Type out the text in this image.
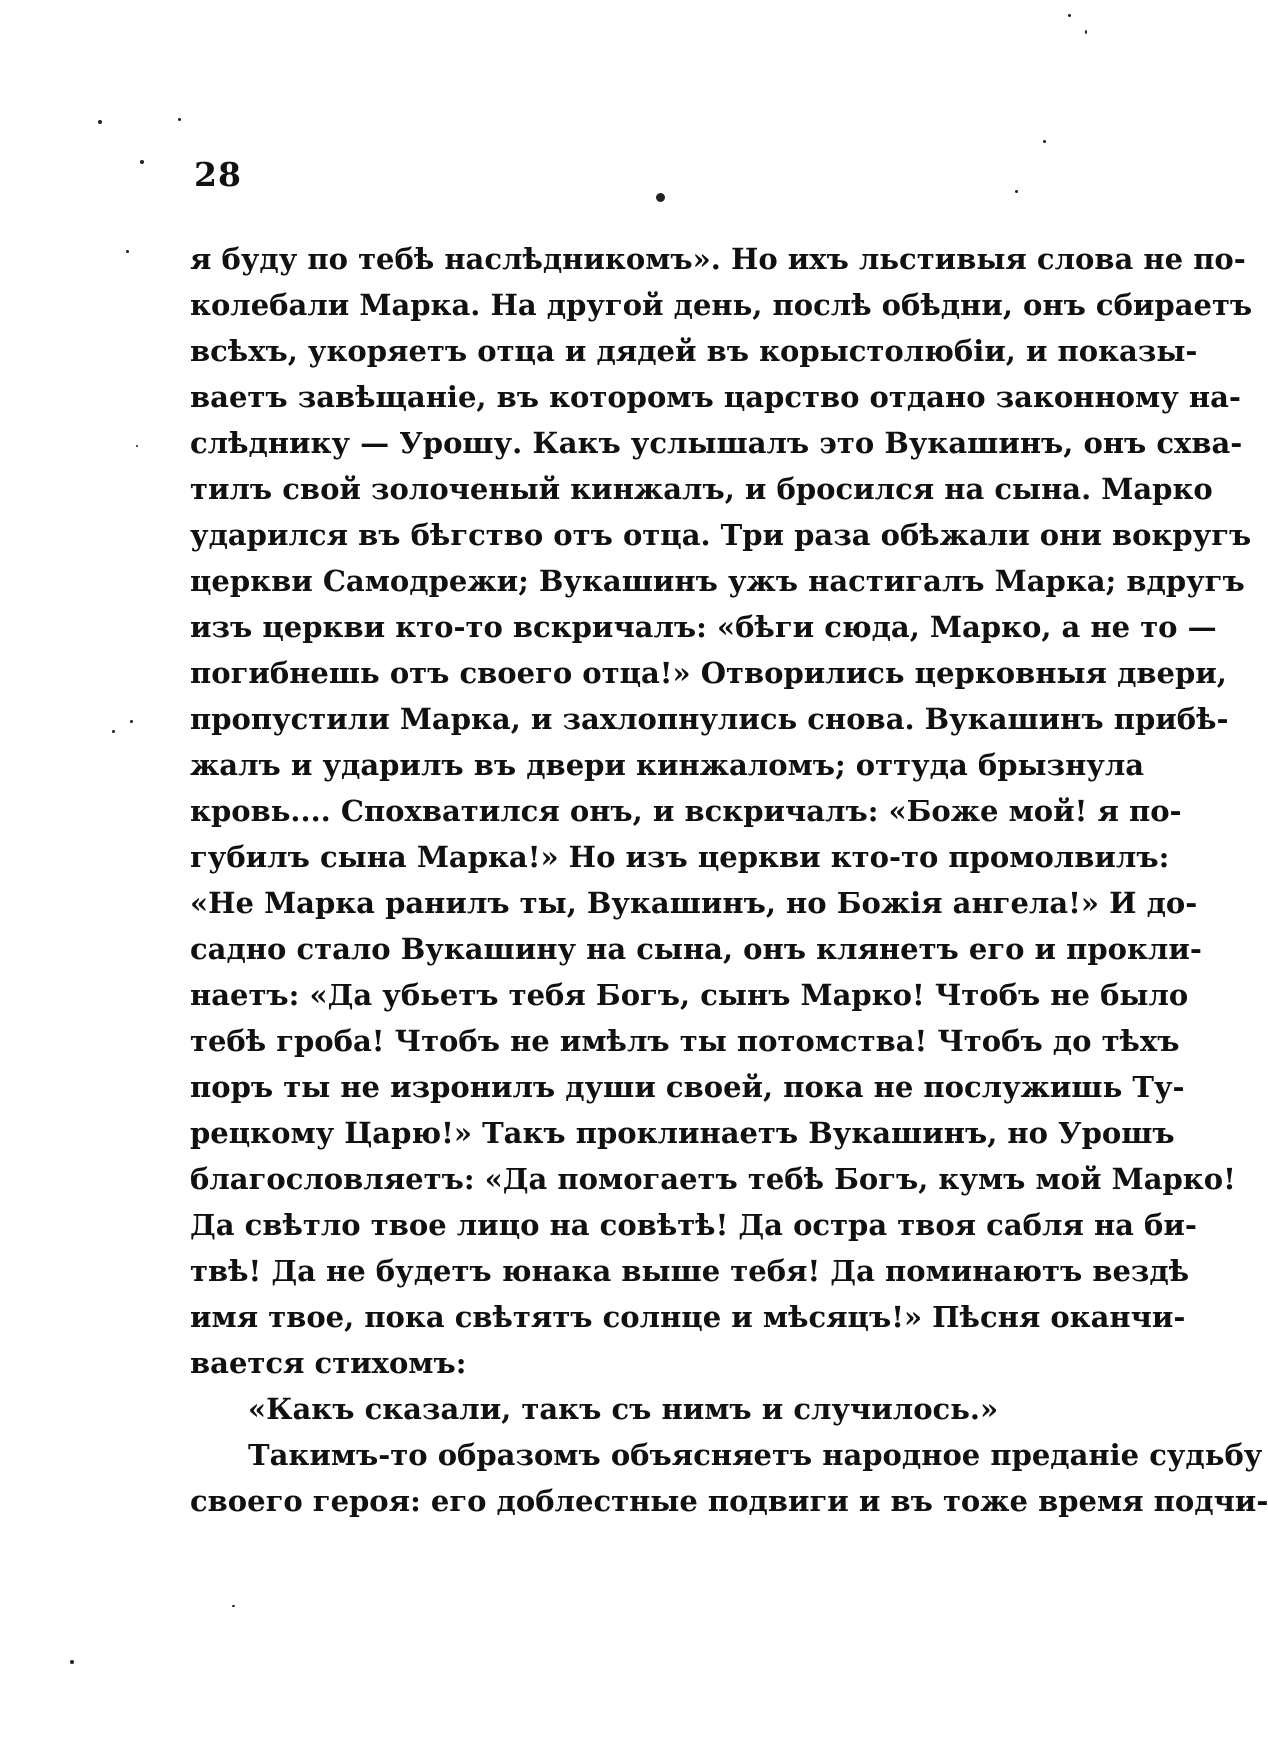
28
я буду по тебѣ наслѣдникомъ». Но ихъ льстивыя слова не по-
колебали Марка. На другой день, послѣ обѣдни, онъ сбираетъ
всѣхъ, укоряетъ отца и дядей въ корыстолюбіи, и показы-
ваетъ завѣщаніе, въ которомъ царство отдано законному на-
слѣднику — Урошу. Какъ услышалъ это Вукашинъ, онъ схва-
тилъ свой золоченый кинжалъ, и бросился на сына. Марко
ударился въ бѣгство отъ отца. Три раза обѣжали они вокругъ
церкви Самодрежи; Вукашинъ ужъ настигалъ Марка; вдругъ
изъ церкви кто-то вскричалъ: «бѣги сюда, Марко, а не то —
погибнешь отъ своего отца!» Отворились церковныя двери,
пропустили Марка, и захлопнулись снова. Вукашинъ прибѣ-
жалъ и ударилъ въ двери кинжаломъ; оттуда брызнула
кровь.... Спохватился онъ, и вскричалъ: «Боже мой! я по-
губилъ сына Марка!» Но изъ церкви кто-то промолвилъ:
«Не Марка ранилъ ты, Вукашинъ, но Божія ангела!» И до-
садно стало Вукашину на сына, онъ клянетъ его и прокли-
наетъ: «Да убьетъ тебя Богъ, сынъ Марко! Чтобъ не было
тебѣ гроба! Чтобъ не имѣлъ ты потомства! Чтобъ до тѣхъ
поръ ты не изронилъ души своей, пока не послужишь Ту-
рецкому Царю!» Такъ проклинаетъ Вукашинъ, но Урошъ
благословляетъ: «Да помогаетъ тебѣ Богъ, кумъ мой Марко!
Да свѣтло твое лицо на совѣтѣ! Да остра твоя сабля на би-
твѣ! Да не будетъ юнака выше тебя! Да поминаютъ вездѣ
имя твое, пока свѣтятъ солнце и мѣсяцъ!» Пѣсня оканчи-
вается стихомъ:
«Какъ сказали, такъ съ нимъ и случилось.»
Такимъ-то образомъ объясняетъ народное преданіе судьбу
своего героя: его доблестные подвиги и въ тоже время подчи-
